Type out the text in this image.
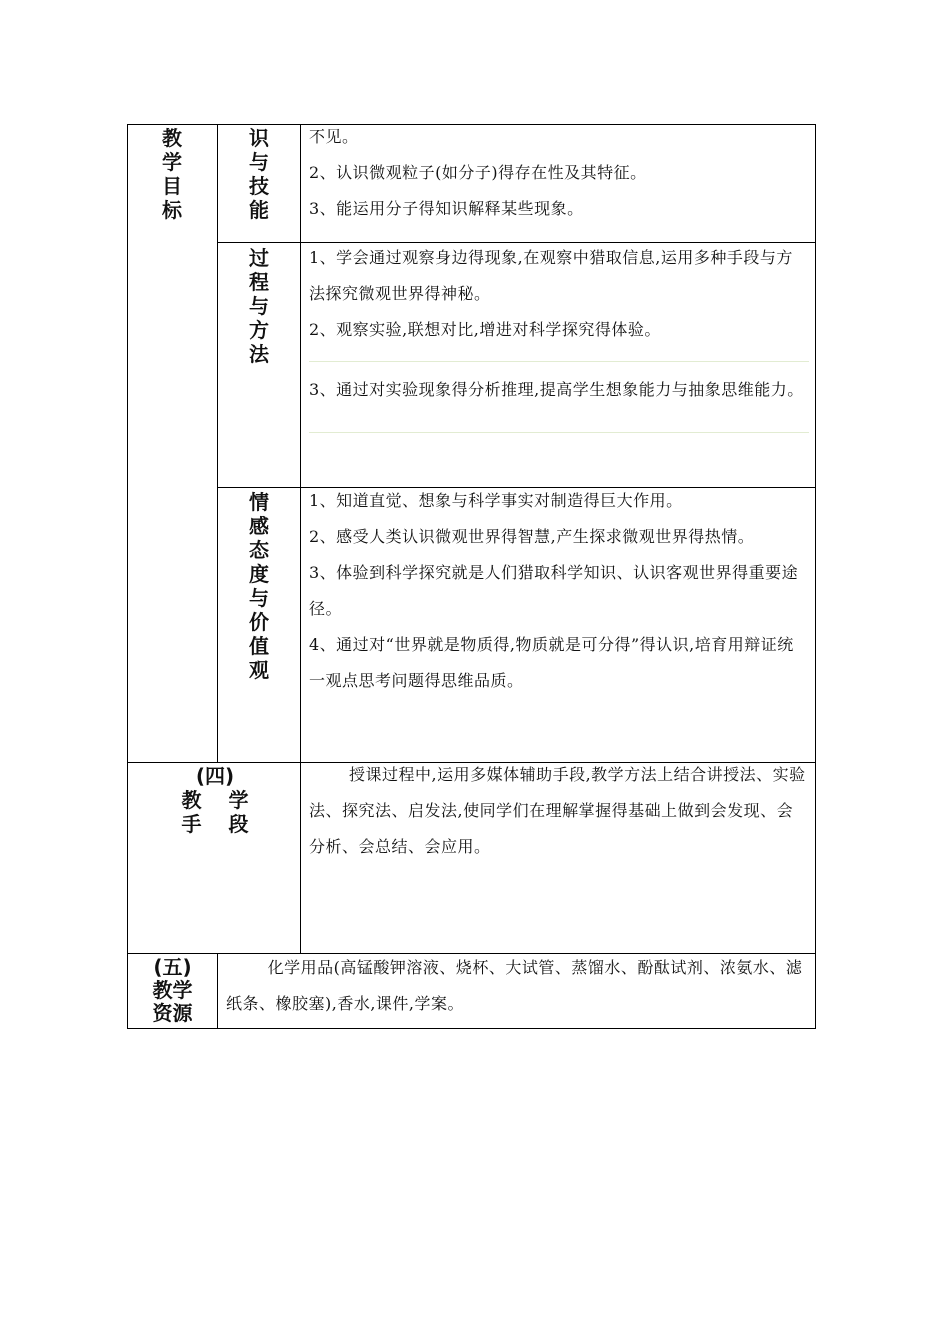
教
学
目
标
识
与
技
能

不见。

2、认识微观粒子(如分子)得存在性及其特征。

3、能运用分子得知识解释某些现象。

过
程
与
方
法

1、学会通过观察身边得现象,在观察中猎取信息,运用多种手段与方法探究微观世界得神秘。

2、观察实验,联想对比,增进对科学探究得体验。

3、通过对实验现象得分析推理,提高学生想象能力与抽象思维能力。

情
感
态
度
与
价
值
观

1、知道直觉、想象与科学事实对制造得巨大作用。

2、感受人类认识微观世界得智慧,产生探求微观世界得热情。

3、体验到科学探究就是人们猎取科学知识、认识客观世界得重要途径。

4、通过对“世界就是物质得,物质就是可分得”得认识,培育用辩证统一观点思考问题得思维品质。

(四)
教　 学
手　 段

授课过程中,运用多媒体辅助手段,教学方法上结合讲授法、实验法、探究法、启发法,使同学们在理解掌握得基础上做到会发现、会分析、会总结、会应用。

(五)
教学
资源

化学用品(高锰酸钾溶液、烧杯、大试管、蒸馏水、酚酞试剂、浓氨水、滤纸条、橡胶塞),香水,课件,学案。
